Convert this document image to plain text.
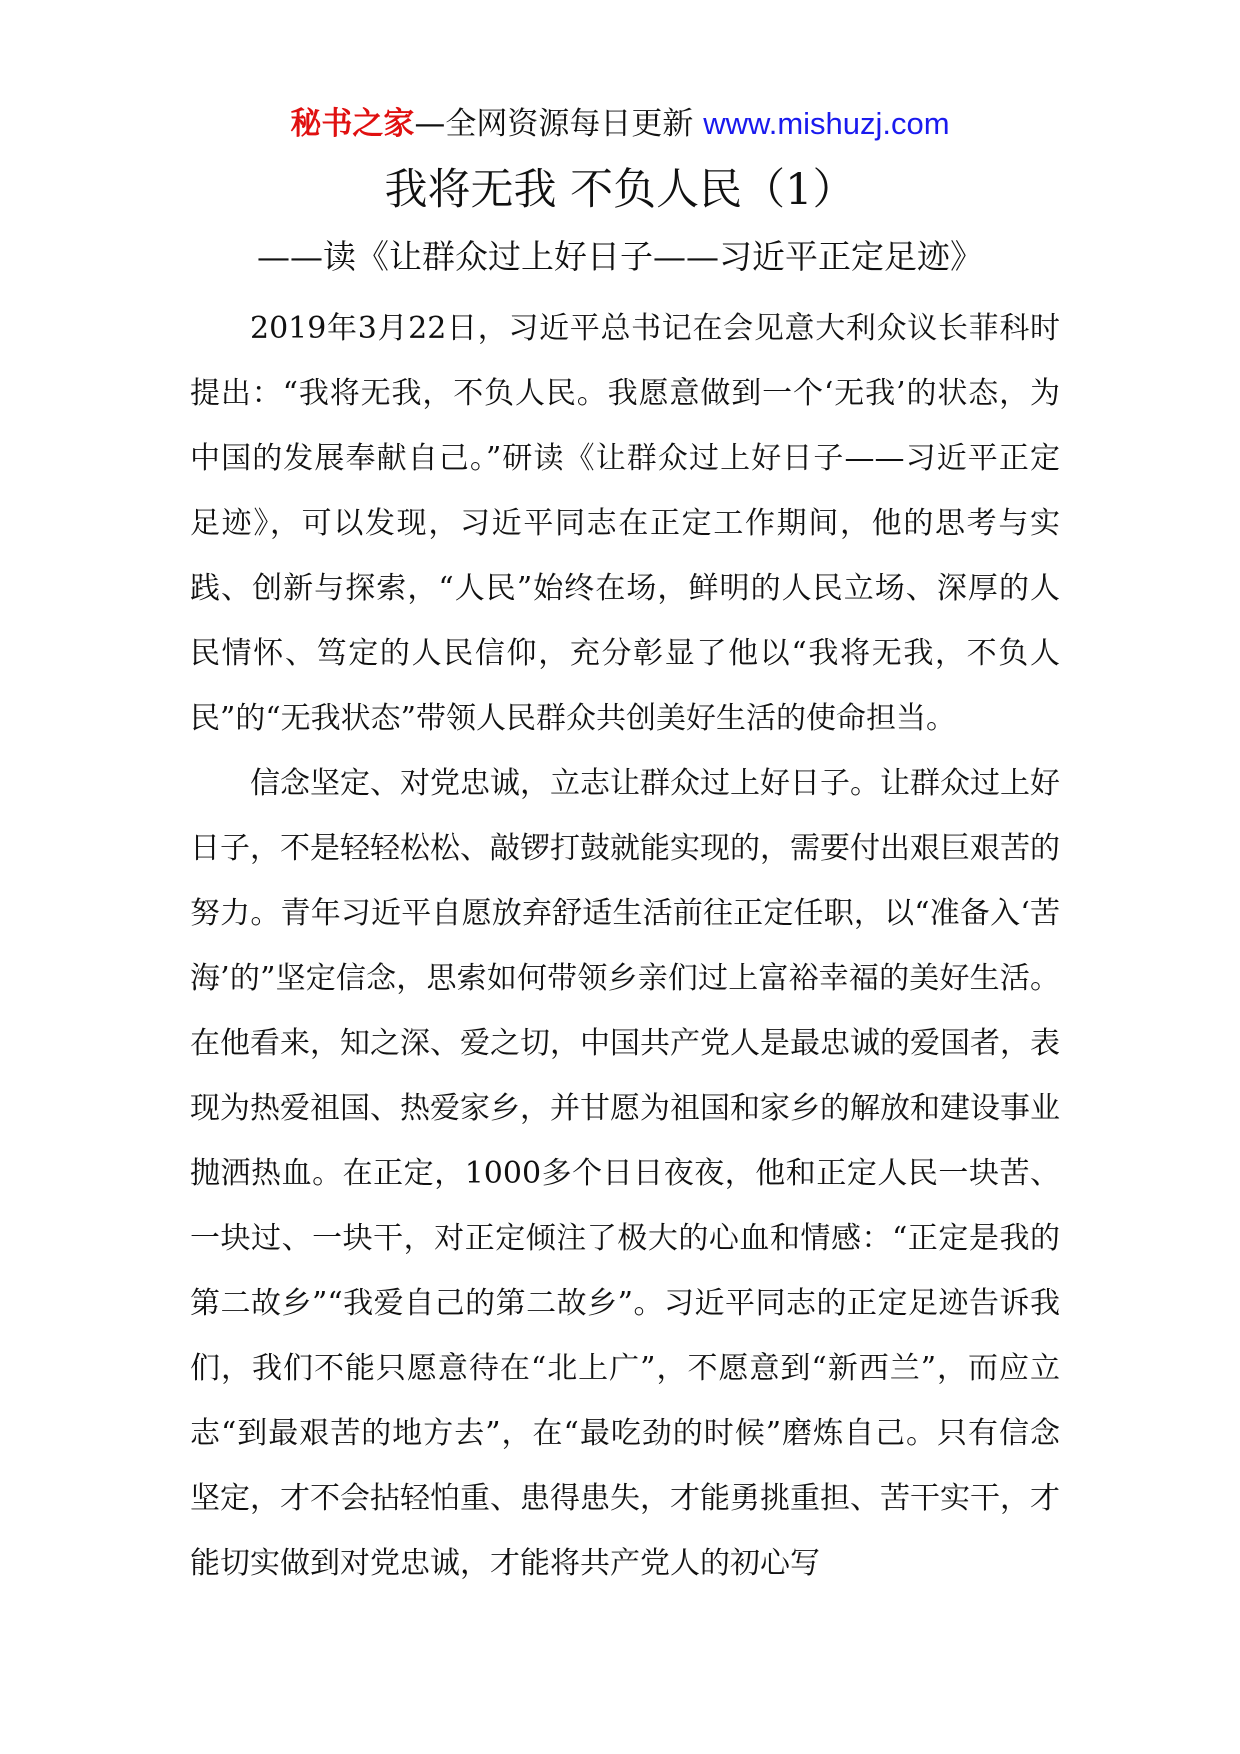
秘书之家—全网资源每日更新 www.mishuzj.com
我将无我 不负人民（1）
——读《让群众过上好日子——习近平正定足迹》

2019年3月22日，习近平总书记在会见意大利众议长菲科时提出：“我将无我，不负人民。我愿意做到一个‘无我’的状态，为中国的发展奉献自己。”研读《让群众过上好日子——习近平正定足迹》，可以发现，习近平同志在正定工作期间，他的思考与实践、创新与探索，“人民”始终在场，鲜明的人民立场、深厚的人民情怀、笃定的人民信仰，充分彰显了他以“我将无我，不负人民”的“无我状态”带领人民群众共创美好生活的使命担当。

信念坚定、对党忠诚，立志让群众过上好日子。让群众过上好日子，不是轻轻松松、敲锣打鼓就能实现的，需要付出艰巨艰苦的努力。青年习近平自愿放弃舒适生活前往正定任职，以“准备入‘苦海’的”坚定信念，思索如何带领乡亲们过上富裕幸福的美好生活。在他看来，知之深、爱之切，中国共产党人是最忠诚的爱国者，表现为热爱祖国、热爱家乡，并甘愿为祖国和家乡的解放和建设事业抛洒热血。在正定，1000多个日日夜夜，他和正定人民一块苦、一块过、一块干，对正定倾注了极大的心血和情感：“正定是我的第二故乡”“我爱自己的第二故乡”。习近平同志的正定足迹告诉我们，我们不能只愿意待在“北上广”，不愿意到“新西兰”，而应立志“到最艰苦的地方去”，在“最吃劲的时候”磨炼自己。只有信念坚定，才不会拈轻怕重、患得患失，才能勇挑重担、苦干实干，才能切实做到对党忠诚，才能将共产党人的初心写
